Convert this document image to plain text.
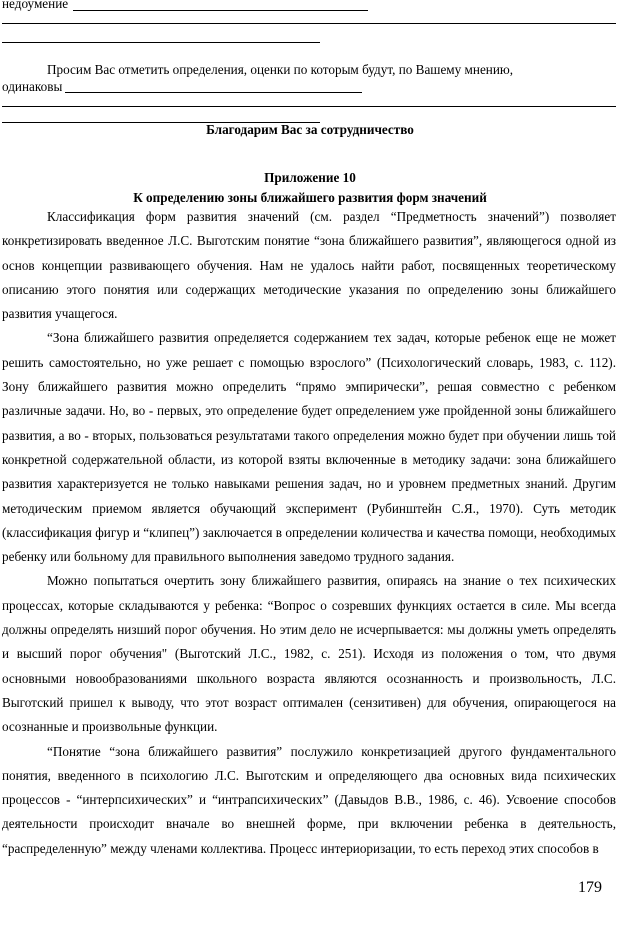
недоумение
Просим Вас отметить определения, оценки по которым будут, по Вашему мнению,
одинаковы
Благодарим Вас за сотрудничество
Приложение 10
К определению зоны ближайшего развития форм значений

Классификация форм развития значений (см. раздел “Предметность значений”) позволяет конкретизировать введенное Л.С. Выготским понятие “зона ближайшего развития”, являющегося одной из основ концепции развивающего обучения. Нам не удалось найти работ, посвященных теоретическому описанию этого понятия или содержащих методические указания по определению зоны ближайшего развития учащегося.

“Зона ближайшего развития определяется содержанием тех задач, которые ребенок еще не может решить самостоятельно, но уже решает с помощью взрослого” (Психологический словарь, 1983, с. 112). Зону ближайшего развития можно определить “прямо эмпирически”, решая совместно с ребенком различные задачи. Но, во - первых, это определение будет определением уже пройденной зоны ближайшего развития, а во - вторых, пользоваться результатами такого определения можно будет при обучении лишь той конкретной содержательной области, из которой взяты включенные в методику задачи: зона ближайшего развития характеризуется не только навыками решения задач, но и уровнем предметных знаний. Другим методическим приемом является обучающий эксперимент (Рубинштейн С.Я., 1970). Суть методик (классификация фигур и “клипец”) заключается в определении количества и качества помощи, необходимых ребенку или больному для правильного выполнения заведомо трудного задания.

Можно попытаться очертить зону ближайшего развития, опираясь на знание о тех психических процессах, которые складываются у ребенка: “Вопрос о созревших функциях остается в силе. Мы всегда должны определять низший порог обучения. Но этим дело не исчерпывается: мы должны уметь определять и высший порог обучения" (Выготский Л.С., 1982, с. 251). Исходя из положения о том, что двумя основными новообразованиями школьного возраста являются осознанность и произвольность, Л.С. Выготский пришел к выводу, что этот возраст оптимален (сензитивен) для обучения, опирающегося на осознанные и произвольные функции.

“Понятие “зона ближайшего развития” послужило конкретизацией другого фундаментального понятия, введенного в психологию Л.С. Выготским и определяющего два основных вида психических процессов - “интерпсихических” и “интрапсихических” (Давыдов В.В., 1986, с. 46). Усвоение способов деятельности происходит вначале во внешней форме, при включении ребенка в деятельность, “распределенную” между членами коллектива. Процесс интериоризации, то есть переход этих способов в

179
